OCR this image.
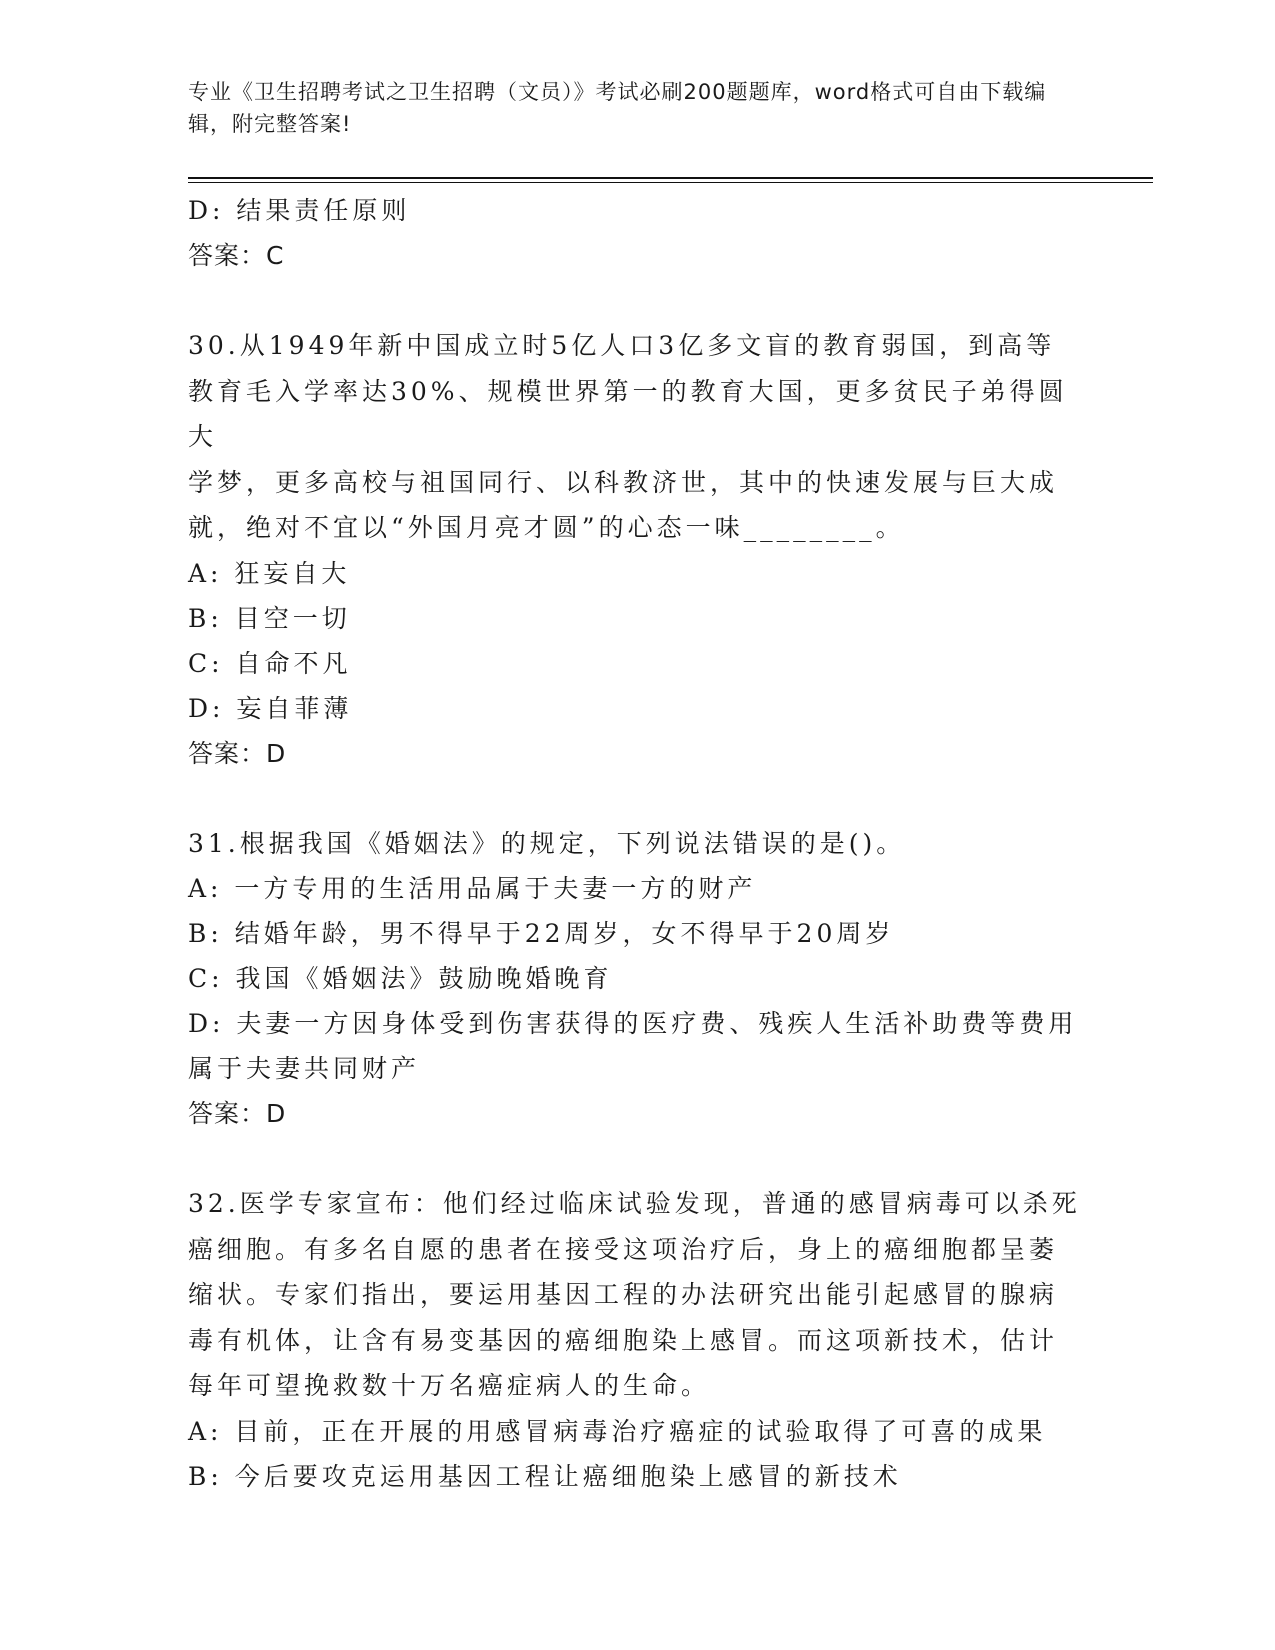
专业《卫生招聘考试之卫生招聘（文员）》考试必刷200题题库，word格式可自由下载编辑，附完整答案!
D: 结果责任原则
答案：C
30.从1949年新中国成立时5亿人口3亿多文盲的教育弱国，到高等
教育毛入学率达30%、规模世界第一的教育大国，更多贫民子弟得圆大
学梦，更多高校与祖国同行、以科教济世，其中的快速发展与巨大成
就，绝对不宜以“外国月亮才圆”的心态一味________。
A: 狂妄自大
B: 目空一切
C: 自命不凡
D: 妄自菲薄
答案：D
31.根据我国《婚姻法》的规定，下列说法错误的是()。
A: 一方专用的生活用品属于夫妻一方的财产
B: 结婚年龄，男不得早于22周岁，女不得早于20周岁
C: 我国《婚姻法》鼓励晚婚晚育
D: 夫妻一方因身体受到伤害获得的医疗费、残疾人生活补助费等费用
属于夫妻共同财产
答案：D
32.医学专家宣布：他们经过临床试验发现，普通的感冒病毒可以杀死
癌细胞。有多名自愿的患者在接受这项治疗后，身上的癌细胞都呈萎
缩状。专家们指出，要运用基因工程的办法研究出能引起感冒的腺病
毒有机体，让含有易变基因的癌细胞染上感冒。而这项新技术，估计
每年可望挽救数十万名癌症病人的生命。
A: 目前，正在开展的用感冒病毒治疗癌症的试验取得了可喜的成果
B: 今后要攻克运用基因工程让癌细胞染上感冒的新技术
